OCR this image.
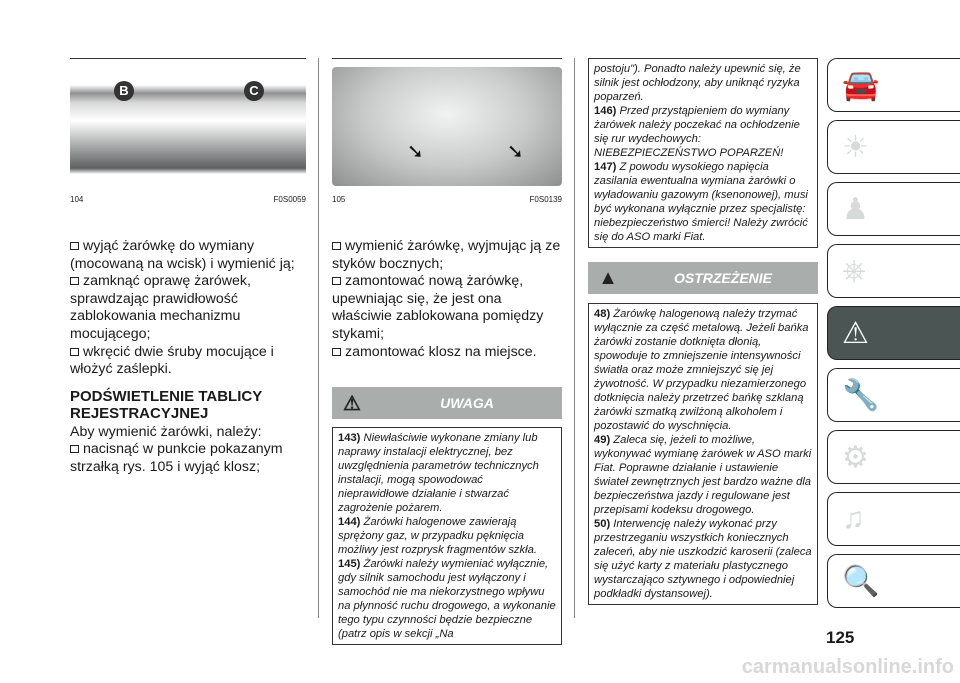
B	C
104	F0S0059

wyjąć żarówkę do wymiany (mocowaną na wcisk) i wymienić ją;

zamknąć oprawę żarówek, sprawdzając prawidłowość zablokowania mechanizmu mocującego;

wkręcić dwie śruby mocujące i włożyć zaślepki.

PODŚWIETLENIE TABLICY REJESTRACYJNEJ

Aby wymienić żarówki, należy:

nacisnąć w punkcie pokazanym strzałką rys. 105 i wyjąć klosz;

➘	➘
105	F0S0139

wymienić żarówkę, wyjmując ją ze styków bocznych;

zamontować nową żarówkę, upewniając się, że jest ona właściwie zablokowana pomiędzy stykami;

zamontować klosz na miejsce.

⚠	UWAGA

143) Niewłaściwie wykonane zmiany lub naprawy instalacji elektrycznej, bez uwzględnienia parametrów technicznych instalacji, mogą spowodować nieprawidłowe działanie i stwarzać zagrożenie pożarem.

144) Żarówki halogenowe zawierają sprężony gaz, w przypadku pęknięcia możliwy jest rozprysk fragmentów szkła.

145) Żarówki należy wymieniać wyłącznie, gdy silnik samochodu jest wyłączony i samochód nie ma niekorzystnego wpływu na płynność ruchu drogowego, a wykonanie tego typu czynności będzie bezpieczne (patrz opis w sekcji „Na

postoju"). Ponadto należy upewnić się, że silnik jest ochłodzony, aby uniknąć ryzyka poparzeń.

146) Przed przystąpieniem do wymiany żarówek należy poczekać na ochłodzenie się rur wydechowych: NIEBEZPIECZEŃSTWO POPARZEŃ!

147) Z powodu wysokiego napięcia zasilania ewentualna wymiana żarówki o wyładowaniu gazowym (ksenonowej), musi być wykonana wyłącznie przez specjalistę: niebezpieczeństwo śmierci! Należy zwrócić się do ASO marki Fiat.

▲	OSTRZEŻENIE

48) Żarówkę halogenową należy trzymać wyłącznie za część metalową. Jeżeli bańka żarówki zostanie dotknięta dłonią, spowoduje to zmniejszenie intensywności światła oraz może zmniejszyć się jej żywotność. W przypadku niezamierzonego dotknięcia należy przetrzeć bańkę szklaną żarówki szmatką zwilżoną alkoholem i pozostawić do wyschnięcia.

49) Zaleca się, jeżeli to możliwe, wykonywać wymianę żarówek w ASO marki Fiat. Poprawne działanie i ustawienie świateł zewnętrznych jest bardzo ważne dla bezpieczeństwa jazdy i regulowane jest przepisami kodeksu drogowego.

50) Interwencję należy wykonać przy przestrzeganiu wszystkich koniecznych zaleceń, aby nie uszkodzić karoserii (zaleca się użyć karty z materiału plastycznego wystarczająco sztywnego i odpowiedniej podkładki dystansowej).

🚘
☀
♟
⎈
⚠
🔧
⚙
♫
🔍
125
carmanualsonline.info
